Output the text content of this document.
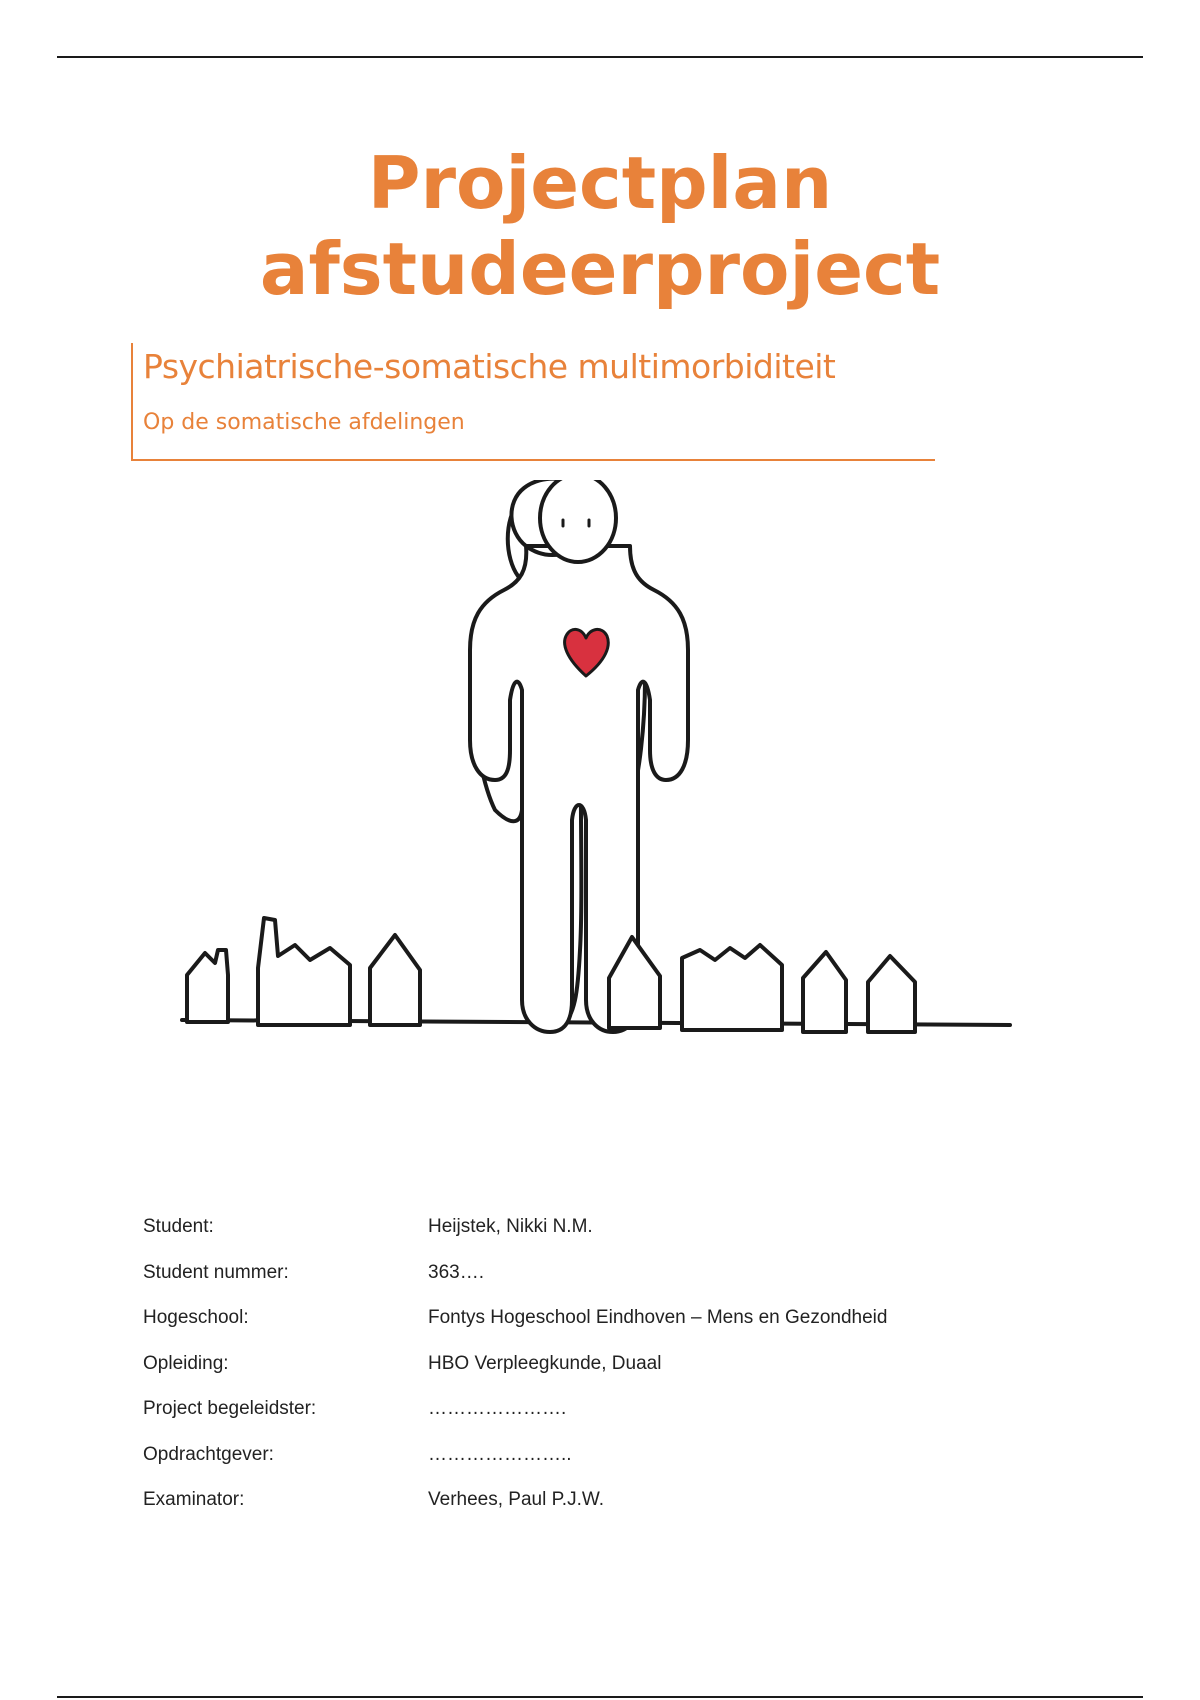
Projectplan
afstudeerproject
Psychiatrische-somatische multimorbiditeit
Op de somatische afdelingen
Student:	Heijstek, Nikki N.M.
Student nummer:	363….
Hogeschool:	Fontys Hogeschool Eindhoven – Mens en Gezondheid
Opleiding:	HBO Verpleegkunde, Duaal
Project begeleidster:	………………….
Opdrachtgever:	…………………..
Examinator:	Verhees, Paul P.J.W.
